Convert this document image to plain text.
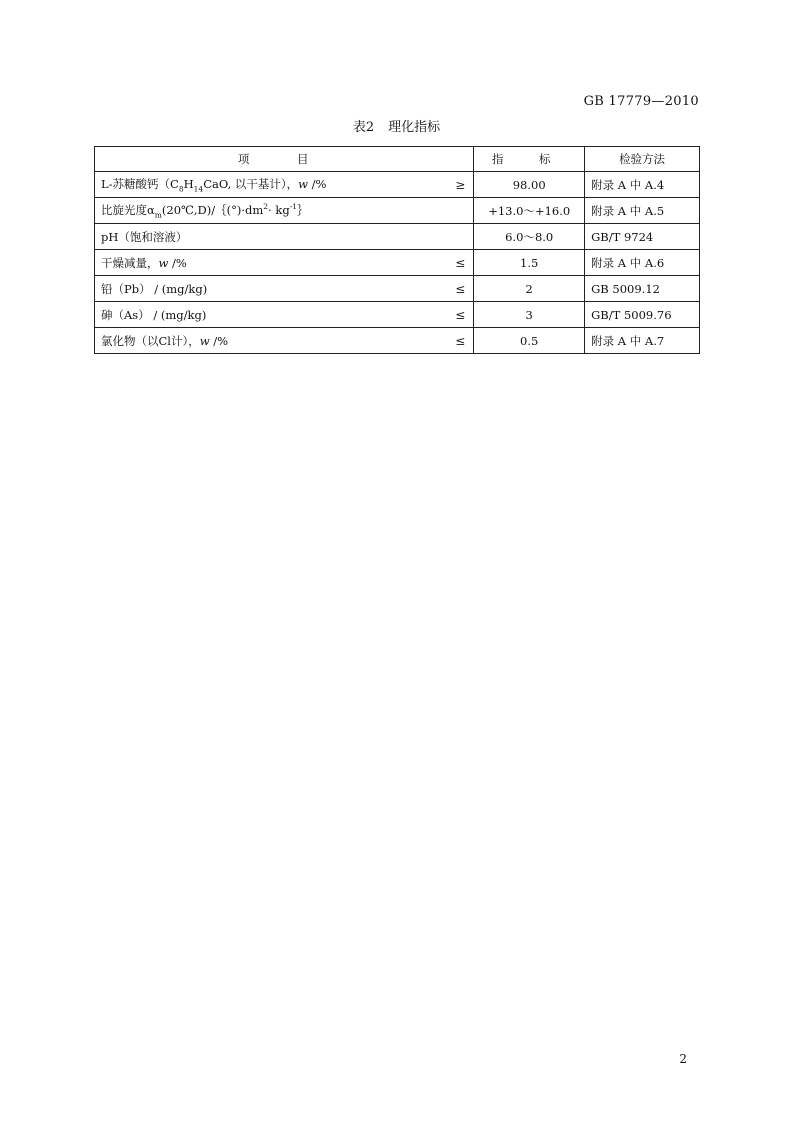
GB 17779—2010
表2 理化指标
项 目	指 标	检验方法
L-苏糖酸钙（$C_8H_{14}CaO$, 以干基计），w /% ≥	98.00	附录 A 中 A.4
比旋光度$\alpha_m(20℃,D)/\{(^\circ)\cdot dm^2\cdot$ $kg^{-1}\}$	+13.0～+16.0	附录 A 中 A.5
pH（饱和溶液）	6.0～8.0	GB/T 9724
干燥减量，w /% ≤	1.5	附录 A 中 A.6
铅（Pb） / (mg/kg) ≤	2	GB 5009.12
砷（As） / (mg/kg) ≤	3	GB/T 5009.76
氯化物（以Cl计），w /% ≤	0.5	附录 A 中 A.7
2
